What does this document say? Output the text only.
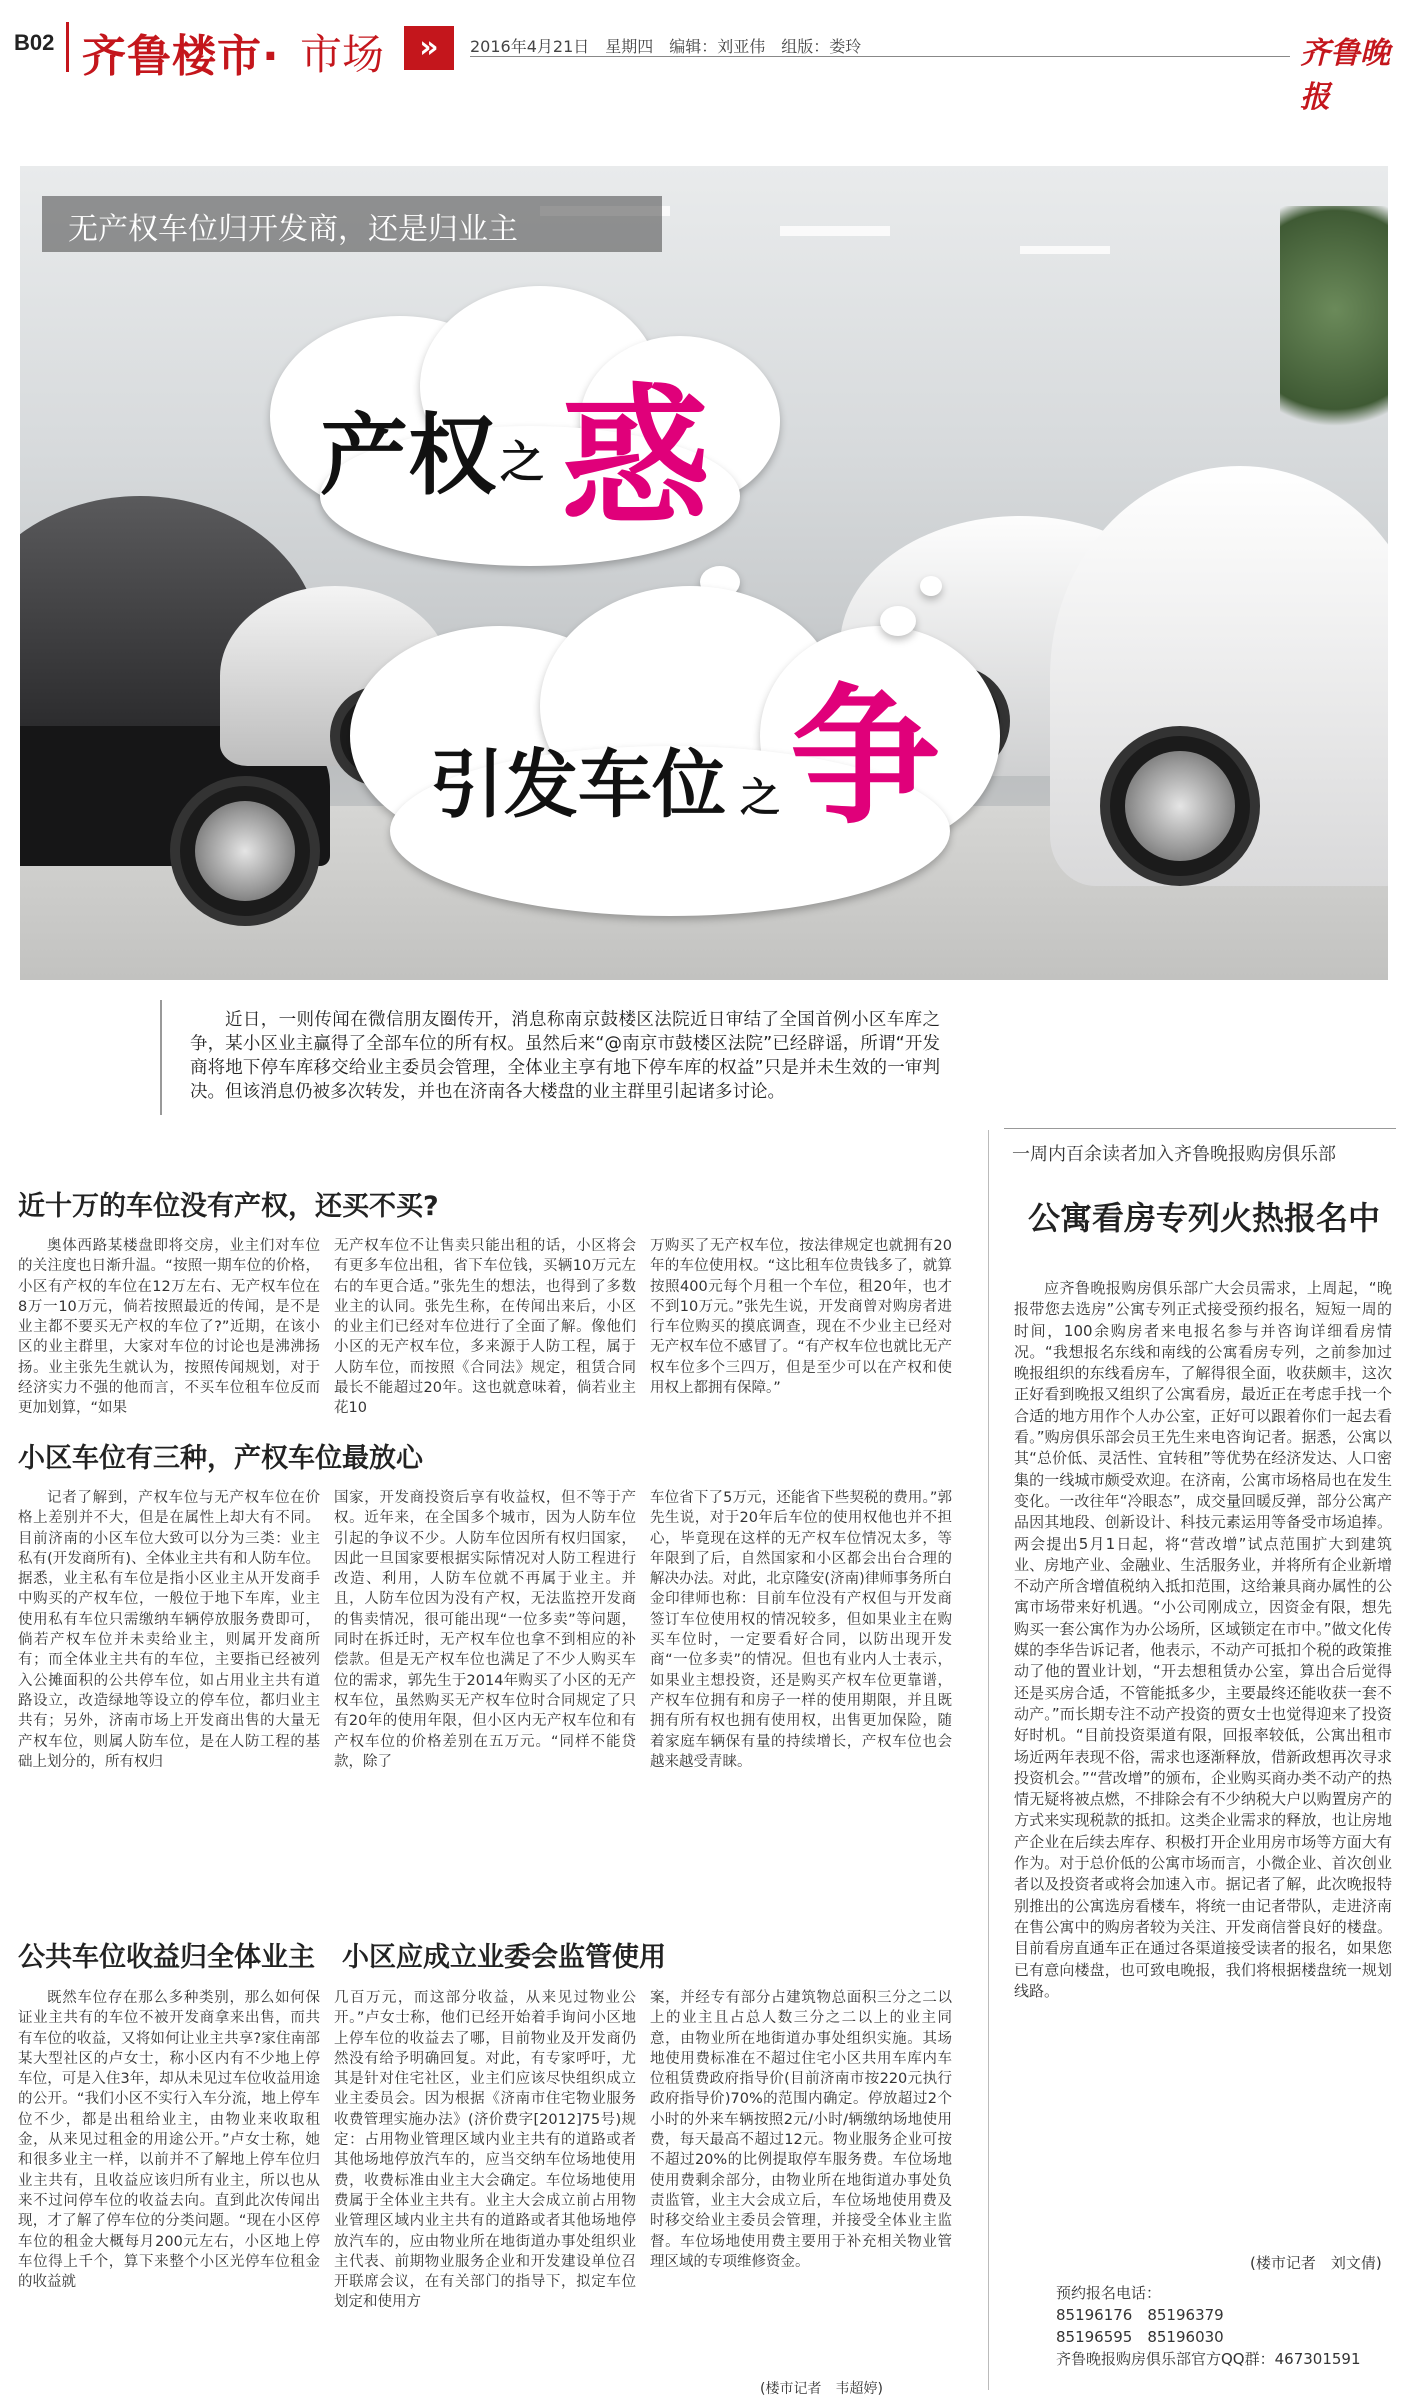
B02 齐鲁楼市· 市场	»	2016年4月21日　星期四　编辑：刘亚伟　组版：娄玲	齐鲁晚报
无产权车位归开发商，还是归业主
产权 之 惑
引发车位 之 争
近日，一则传闻在微信朋友圈传开，消息称南京鼓楼区法院近日审结了全国首例小区车库之争，某小区业主赢得了全部车位的所有权。虽然后来“@南京市鼓楼区法院”已经辟谣，所谓“开发商将地下停车库移交给业主委员会管理，全体业主享有地下停车库的权益”只是并未生效的一审判决。但该消息仍被多次转发，并也在济南各大楼盘的业主群里引起诸多讨论。
近十万的车位没有产权，还买不买?

奥体西路某楼盘即将交房，业主们对车位的关注度也日渐升温。“按照一期车位的价格，小区有产权的车位在12万左右、无产权车位在8万一10万元，倘若按照最近的传闻，是不是业主都不要买无产权的车位了?”近期，在该小区的业主群里，大家对车位的讨论也是沸沸扬扬。业主张先生就认为，按照传闻规划，对于经济实力不强的他而言，不买车位租车位反而更加划算，“如果

无产权车位不让售卖只能出租的话，小区将会有更多车位出租，省下车位钱，买辆10万元左右的车更合适。”张先生的想法，也得到了多数业主的认同。张先生称，在传闻出来后，小区的业主们已经对车位进行了全面了解。像他们小区的无产权车位，多来源于人防工程，属于人防车位，而按照《合同法》规定，租赁合同最长不能超过20年。这也就意味着，倘若业主花10

万购买了无产权车位，按法律规定也就拥有20年的车位使用权。“这比租车位贵钱多了，就算按照400元每个月租一个车位，租20年，也才不到10万元。”张先生说，开发商曾对购房者进行车位购买的摸底调查，现在不少业主已经对无产权车位不感冒了。“有产权车位也就比无产权车位多个三四万，但是至少可以在产权和使用权上都拥有保障。”

小区车位有三种，产权车位最放心

记者了解到，产权车位与无产权车位在价格上差别并不大，但是在属性上却大有不同。目前济南的小区车位大致可以分为三类：业主私有(开发商所有)、全体业主共有和人防车位。据悉，业主私有车位是指小区业主从开发商手中购买的产权车位，一般位于地下车库，业主使用私有车位只需缴纳车辆停放服务费即可，倘若产权车位并未卖给业主，则属开发商所有；而全体业主共有的车位，主要指已经被列入公摊面积的公共停车位，如占用业主共有道路设立，改造绿地等设立的停车位，都归业主共有；另外，济南市场上开发商出售的大量无产权车位，则属人防车位，是在人防工程的基础上划分的，所有权归

国家，开发商投资后享有收益权，但不等于产权。近年来，在全国多个城市，因为人防车位引起的争议不少。人防车位因所有权归国家，因此一旦国家要根据实际情况对人防工程进行改造、利用，人防车位就不再属于业主。并且，人防车位因为没有产权，无法监控开发商的售卖情况，很可能出现“一位多卖”等问题，同时在拆迁时，无产权车位也拿不到相应的补偿款。但是无产权车位也满足了不少人购买车位的需求，郭先生于2014年购买了小区的无产权车位，虽然购买无产权车位时合同规定了只有20年的使用年限，但小区内无产权车位和有产权车位的价格差别在五万元。“同样不能贷款，除了

车位省下了5万元，还能省下些契税的费用。”郭先生说，对于20年后车位的使用权他也并不担心，毕竟现在这样的无产权车位情况太多，等年限到了后，自然国家和小区都会出台合理的解决办法。对此，北京隆安(济南)律师事务所白金印律师也称：目前车位没有产权但与开发商签订车位使用权的情况较多，但如果业主在购买车位时，一定要看好合同，以防出现开发商“一位多卖”的情况。但也有业内人士表示，如果业主想投资，还是购买产权车位更靠谱，产权车位拥有和房子一样的使用期限，并且既拥有所有权也拥有使用权，出售更加保险，随着家庭车辆保有量的持续增长，产权车位也会越来越受青睐。

公共车位收益归全体业主　小区应成立业委会监管使用

既然车位存在那么多种类别，那么如何保证业主共有的车位不被开发商拿来出售，而共有车位的收益，又将如何让业主共享?家住南部某大型社区的卢女士，称小区内有不少地上停车位，可是入住3年，却从未见过车位收益用途的公开。“我们小区不实行入车分流，地上停车位不少，都是出租给业主，由物业来收取租金，从来见过租金的用途公开。”卢女士称，她和很多业主一样，以前并不了解地上停车位归业主共有，且收益应该归所有业主，所以也从来不过问停车位的收益去向。直到此次传闻出现，才了解了停车位的分类问题。“现在小区停车位的租金大概每月200元左右，小区地上停车位得上千个，算下来整个小区光停车位租金的收益就

几百万元，而这部分收益，从来见过物业公开。”卢女士称，他们已经开始着手询问小区地上停车位的收益去了哪，目前物业及开发商仍然没有给予明确回复。对此，有专家呼吁，尤其是针对住宅社区，业主们应该尽快组织成立业主委员会。因为根据《济南市住宅物业服务收费管理实施办法》(济价费字[2012]75号)规定：占用物业管理区域内业主共有的道路或者其他场地停放汽车的，应当交纳车位场地使用费，收费标准由业主大会确定。车位场地使用费属于全体业主共有。业主大会成立前占用物业管理区域内业主共有的道路或者其他场地停放汽车的，应由物业所在地街道办事处组织业主代表、前期物业服务企业和开发建设单位召开联席会议，在有关部门的指导下，拟定车位划定和使用方

案，并经专有部分占建筑物总面积三分之二以上的业主且占总人数三分之二以上的业主同意，由物业所在地街道办事处组织实施。其场地使用费标准在不超过住宅小区共用车库内车位租赁费政府指导价(目前济南市按220元执行政府指导价)70%的范围内确定。停放超过2个小时的外来车辆按照2元/小时/辆缴纳场地使用费，每天最高不超过12元。物业服务企业可按不超过20%的比例提取停车服务费。车位场地使用费剩余部分，由物业所在地街道办事处负责监管，业主大会成立后，车位场地使用费及时移交给业主委员会管理，并接受全体业主监督。车位场地使用费主要用于补充相关物业管理区域的专项维修资金。

(楼市记者　韦超婷)
一周内百余读者加入齐鲁晚报购房俱乐部
公寓看房专列火热报名中

应齐鲁晚报购房俱乐部广大会员需求，上周起，“晚报带您去选房”公寓专列正式接受预约报名，短短一周的时间，100余购房者来电报名参与并咨询详细看房情况。“我想报名东线和南线的公寓看房专列，之前参加过晚报组织的东线看房车，了解得很全面，收获颇丰，这次正好看到晚报又组织了公寓看房，最近正在考虑手找一个合适的地方用作个人办公室，正好可以跟着你们一起去看看。”购房俱乐部会员王先生来电咨询记者。据悉，公寓以其“总价低、灵活性、宜转租”等优势在经济发达、人口密集的一线城市颇受欢迎。在济南，公寓市场格局也在发生变化。一改往年“冷眼态”，成交量回暖反弹，部分公寓产品因其地段、创新设计、科技元素运用等备受市场追捧。两会提出5月1日起，将“营改增”试点范围扩大到建筑业、房地产业、金融业、生活服务业，并将所有企业新增不动产所含增值税纳入抵扣范围，这给兼具商办属性的公寓市场带来好机遇。“小公司刚成立，因资金有限，想先购买一套公寓作为办公场所，区域锁定在市中。”做文化传媒的李华告诉记者，他表示，不动产可抵扣个税的政策推动了他的置业计划，“开去想租赁办公室，算出合后觉得还是买房合适，不管能抵多少，主要最终还能收获一套不动产。”而长期专注不动产投资的贾女士也觉得迎来了投资好时机。“目前投资渠道有限，回报率较低，公寓出租市场近两年表现不俗，需求也逐渐释放，借新政想再次寻求投资机会。”“营改增”的颁布，企业购买商办类不动产的热情无疑将被点燃，不排除会有不少纳税大户以购置房产的方式来实现税款的抵扣。这类企业需求的释放，也让房地产企业在后续去库存、积极打开企业用房市场等方面大有作为。对于总价低的公寓市场而言，小微企业、首次创业者以及投资者或将会加速入市。据记者了解，此次晚报特别推出的公寓选房看楼车，将统一由记者带队，走进济南在售公寓中的购房者较为关注、开发商信誉良好的楼盘。目前看房直通车正在通过各渠道接受读者的报名，如果您已有意向楼盘，也可致电晚报，我们将根据楼盘统一规划线路。

(楼市记者　刘文倩)
预约报名电话：
85196176　85196379
85196595　85196030
齐鲁晚报购房俱乐部官方QQ群：467301591
